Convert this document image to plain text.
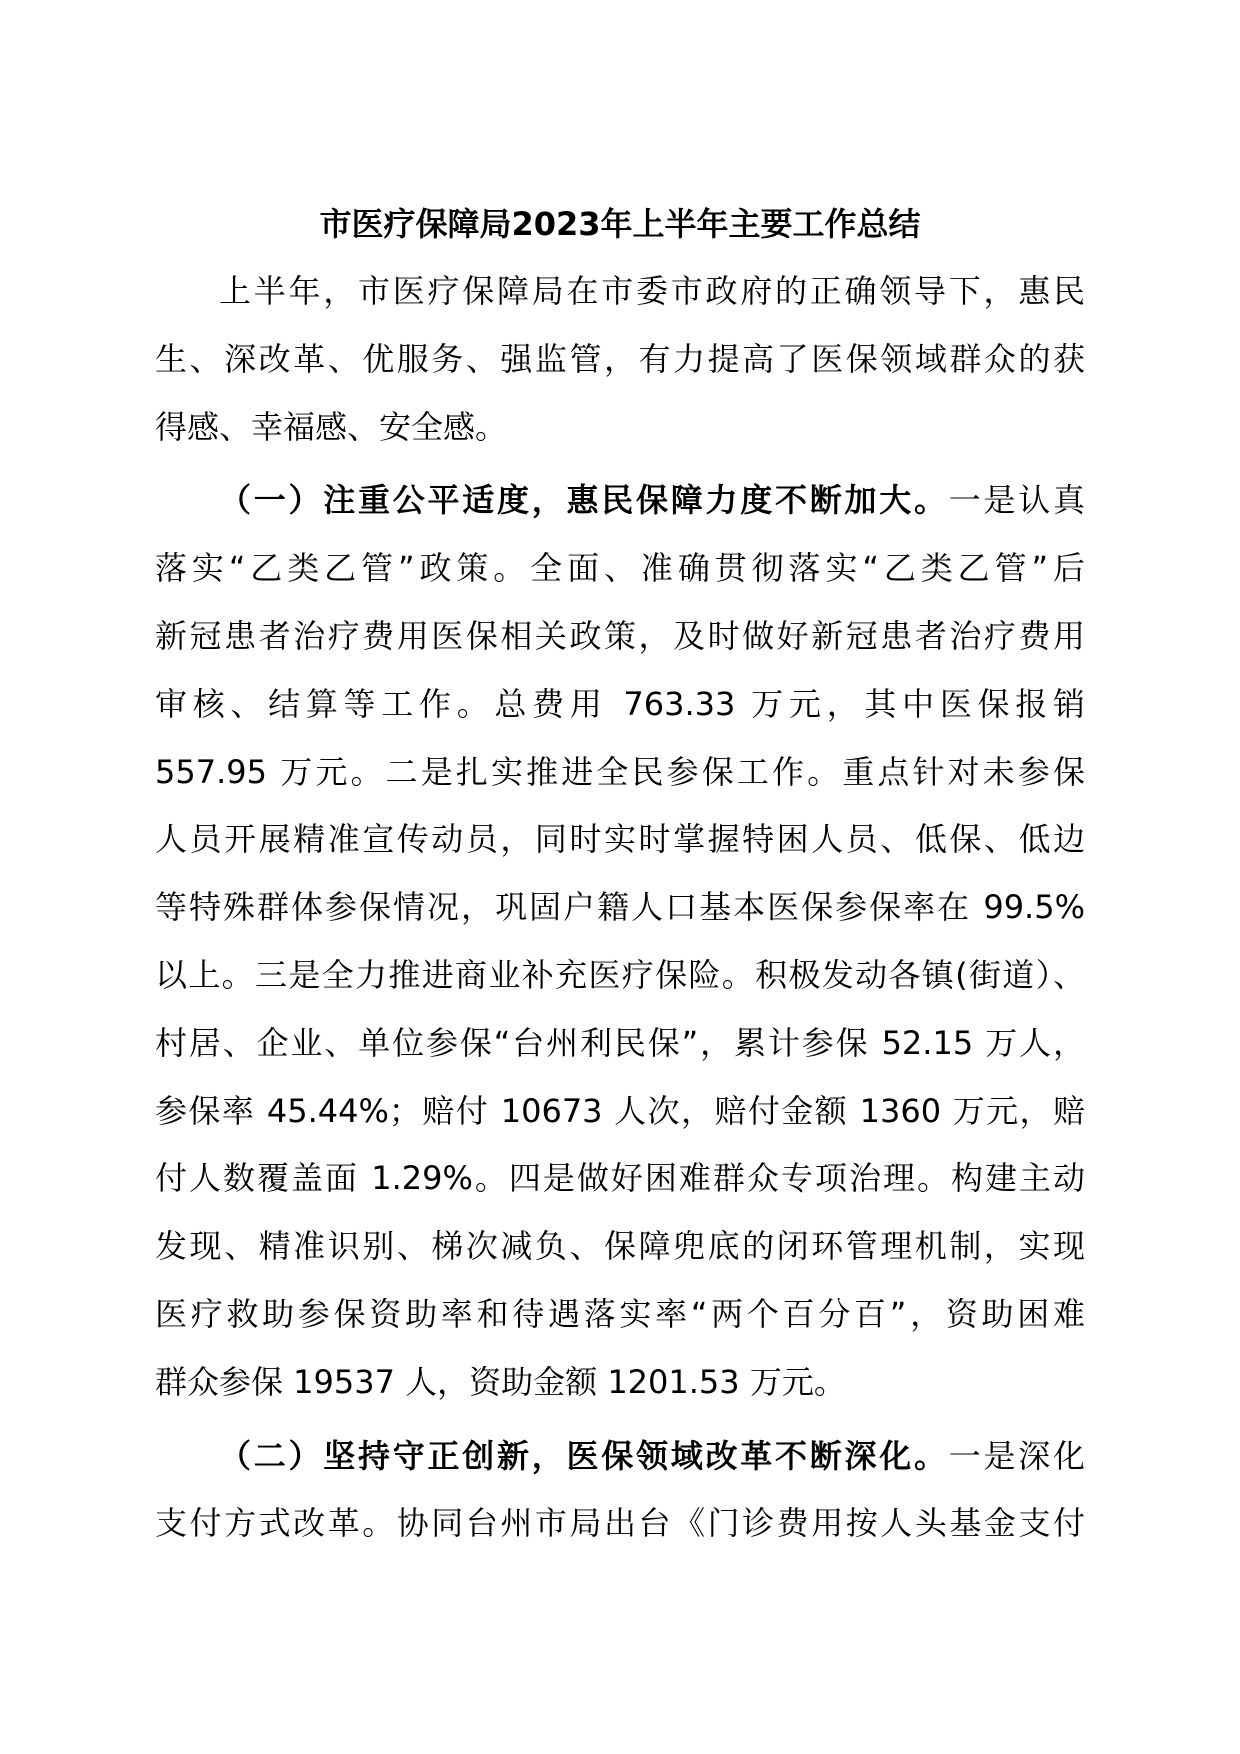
市医疗保障局2023年上半年主要工作总结
上半年，市医疗保障局在市委市政府的正确领导下，惠民
生、深改革、优服务、强监管，有力提高了医保领域群众的获
得感、幸福感、安全感。
（一）注重公平适度，惠民保障力度不断加大。一是认真
落实“乙类乙管”政策。全面、准确贯彻落实“乙类乙管”后
新冠患者治疗费用医保相关政策，及时做好新冠患者治疗费用
审核、结算等工作。总费用 763.33 万元，其中医保报销
557.95 万元。二是扎实推进全民参保工作。重点针对未参保
人员开展精准宣传动员，同时实时掌握特困人员、低保、低边
等特殊群体参保情况，巩固户籍人口基本医保参保率在 99.5%
以上。三是全力推进商业补充医疗保险。积极发动各镇(街道）、
村居、企业、单位参保“台州利民保”，累计参保 52.15 万人，
参保率 45.44%；赔付 10673 人次，赔付金额 1360 万元，赔
付人数覆盖面 1.29%。四是做好困难群众专项治理。构建主动
发现、精准识别、梯次减负、保障兜底的闭环管理机制，实现
医疗救助参保资助率和待遇落实率“两个百分百”，资助困难
群众参保 19537 人，资助金额 1201.53 万元。
（二）坚持守正创新，医保领域改革不断深化。一是深化
支付方式改革。协同台州市局出台《门诊费用按人头基金支付
